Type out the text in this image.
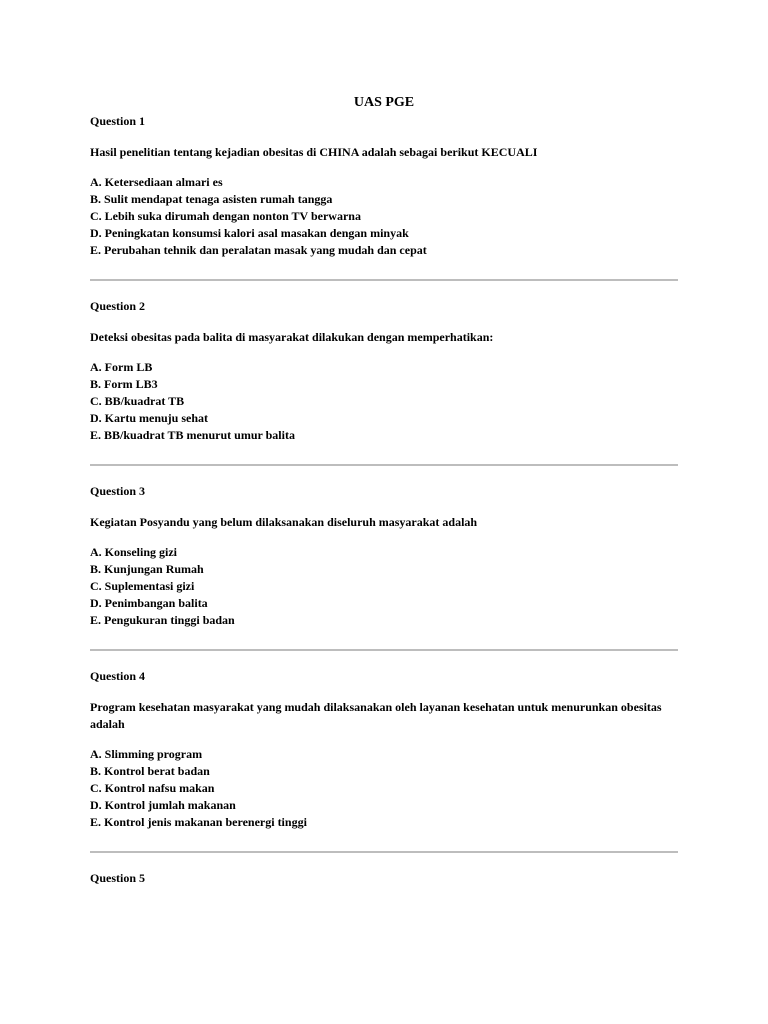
UAS PGE

Question 1

Hasil penelitian tentang kejadian obesitas di CHINA adalah sebagai berikut KECUALI

A. Ketersediaan almari es
B. Sulit mendapat tenaga asisten rumah tangga
C. Lebih suka dirumah dengan nonton TV berwarna
D. Peningkatan konsumsi kalori asal masakan dengan minyak
E. Perubahan tehnik dan peralatan masak yang mudah dan cepat

Question 2

Deteksi obesitas pada balita di masyarakat dilakukan dengan memperhatikan:

A. Form LB
B. Form LB3
C. BB/kuadrat TB
D. Kartu menuju sehat
E. BB/kuadrat TB menurut umur balita

Question 3

Kegiatan Posyandu yang belum dilaksanakan diseluruh masyarakat adalah

A. Konseling gizi
B. Kunjungan Rumah
C. Suplementasi gizi
D. Penimbangan balita
E. Pengukuran tinggi badan

Question 4

Program kesehatan masyarakat yang mudah dilaksanakan oleh layanan kesehatan untuk menurunkan obesitas adalah

A. Slimming program
B. Kontrol berat badan
C. Kontrol nafsu makan
D. Kontrol jumlah makanan
E. Kontrol jenis makanan berenergi tinggi

Question 5
